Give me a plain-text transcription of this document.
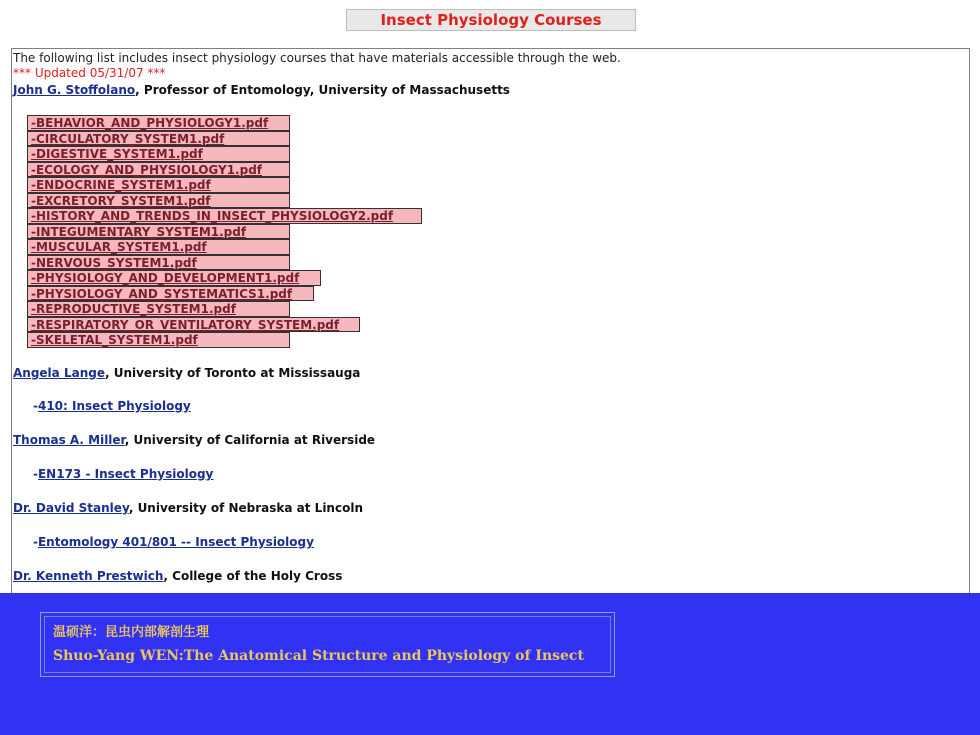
Insect Physiology Courses
The following list includes insect physiology courses that have materials accessible through the web.
*** Updated 05/31/07 ***
John G. Stoffolano, Professor of Entomology, University of Massachusetts
-BEHAVIOR_AND_PHYSIOLOGY1.pdf
-CIRCULATORY_SYSTEM1.pdf
-DIGESTIVE_SYSTEM1.pdf
-ECOLOGY_AND_PHYSIOLOGY1.pdf
-ENDOCRINE_SYSTEM1.pdf
-EXCRETORY_SYSTEM1.pdf
-HISTORY_AND_TRENDS_IN_INSECT_PHYSIOLOGY2.pdf
-INTEGUMENTARY_SYSTEM1.pdf
-MUSCULAR_SYSTEM1.pdf
-NERVOUS_SYSTEM1.pdf
-PHYSIOLOGY_AND_DEVELOPMENT1.pdf
-PHYSIOLOGY_AND_SYSTEMATICS1.pdf
-REPRODUCTIVE_SYSTEM1.pdf
-RESPIRATORY_OR_VENTILATORY_SYSTEM.pdf
-SKELETAL_SYSTEM1.pdf
Angela Lange, University of Toronto at Mississauga
-410: Insect Physiology
Thomas A. Miller, University of California at Riverside
-EN173 - Insect Physiology
Dr. David Stanley, University of Nebraska at Lincoln
-Entomology 401/801 -- Insect Physiology
Dr. Kenneth Prestwich, College of the Holy Cross
温硕洋：昆虫内部解剖生理
Shuo-Yang WEN:The Anatomical Structure and Physiology of Insect
